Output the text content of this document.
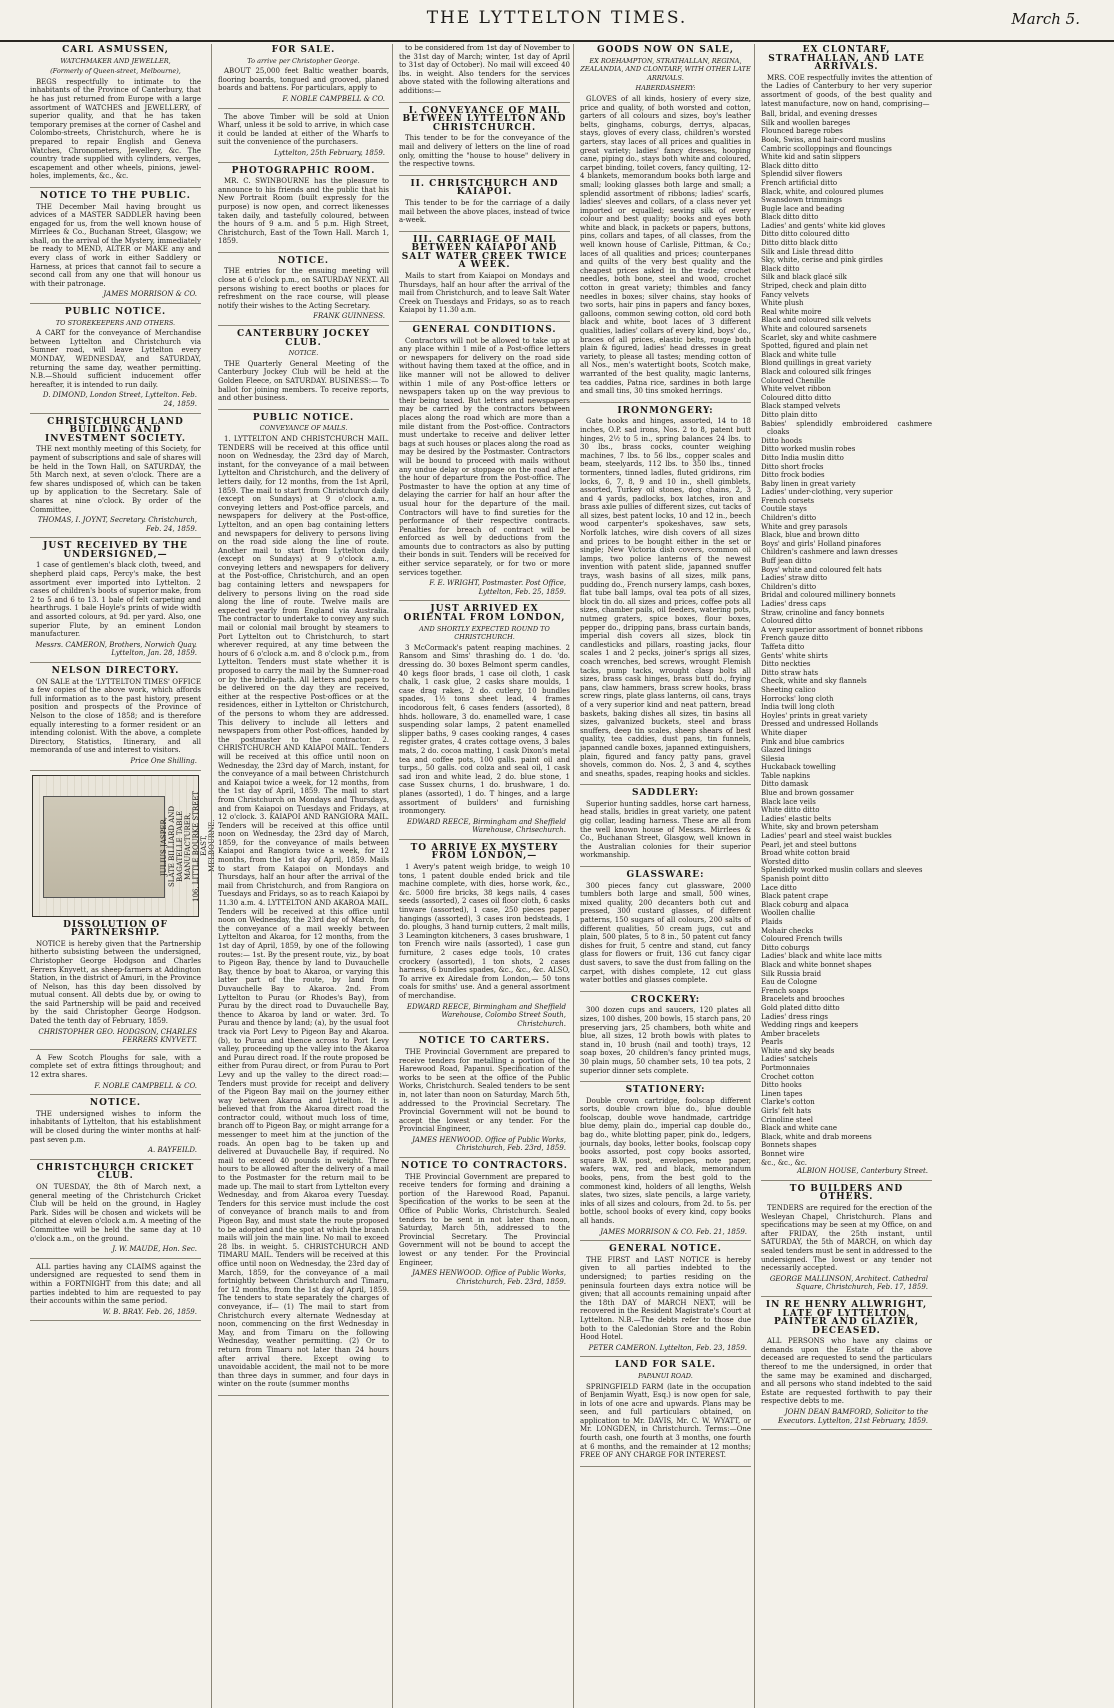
THE LYTTELTON TIMES.	March 5.
CARL ASMUSSEN,
WATCHMAKER AND JEWELLER,
(Formerly of Queen-street, Melbourne),
BEGS respectfully to intimate to the inhabitants of the Province of Canterbury, that he has just returned from Europe with a large assortment of WATCHES and JEWELLERY, of superior quality, and that he has taken temporary premises at the corner of Cashel and Colombo-streets, Christchurch, where he is prepared to repair English and Geneva Watches, Chronometers, Jewellery, &c. The country trade supplied with cylinders, verges, escapement and other wheels, pinions, jewel-holes, implements, &c., &c.
NOTICE TO THE PUBLIC.
THE December Mail having brought us advices of a MASTER SADDLER having been engaged for us, from the well known house of Mirrlees & Co., Buchanan Street, Glasgow; we shall, on the arrival of the Mystery, immediately be ready to MEND, ALTER or MAKE any and every class of work in either Saddlery or Harness, at prices that cannot fail to secure a second call from any one that will honour us with their patronage.
JAMES MORRISON & CO.
PUBLIC NOTICE.
TO STOREKEEPERS AND OTHERS.
A CART for the conveyance of Merchandise between Lyttelton and Christchurch via Sumner road, will leave Lyttelton every MONDAY, WEDNESDAY, and SATURDAY, returning the same day, weather permitting. N.B.—Should sufficient inducement offer hereafter, it is intended to run daily.
D. DIMOND, London Street, Lyttelton. Feb. 24, 1859.
CHRISTCHURCH LAND BUILDING AND INVESTMENT SOCIETY.
THE next monthly meeting of this Society, for payment of subscriptions and sale of shares will be held in the Town Hall, on SATURDAY, the 5th March next, at seven o'clock. There are a few shares undisposed of, which can be taken up by application to the Secretary. Sale of shares at nine o'clock. By order of the Committee,
THOMAS, I. JOYNT, Secretary. Christchurch, Feb. 24, 1859.
JUST RECEIVED BY THE UNDERSIGNED,—
1 case of gentlemen's black cloth, tweed, and shepherd plaid caps, Percy's make, the best assortment ever imported into Lyttelton. 2 cases of children's boots of superior make, from 2 to 5 and 6 to 13. 1 bale of felt carpeting and hearthrugs. 1 bale Hoyle's prints of wide width and assorted colours, at 9d. per yard. Also, one superior Flute, by an eminent London manufacturer.
Messrs. CAMERON, Brothers, Norwich Quay. Lyttelton, Jan. 28, 1859.
NELSON DIRECTORY.
ON SALE at the 'LYTTELTON TIMES' OFFICE a few copies of the above work, which affords full information as to the past history, present position and prospects of the Province of Nelson to the close of 1858; and is therefore equally interesting to a former resident or an intending colonist. With the above, a complete Directory, Statistics, Itinerary, and all memoranda of use and interest to visitors.
Price One Shilling.
JULIUS JASPER, SLATE BILLIARD AND BAGATELLE TABLE MANUFACTURER, 106, LITTLE BOURKE STREET EAST, MELBOURNE.
DISSOLUTION OF PARTNERSHIP.
NOTICE is hereby given that the Partnership hitherto subsisting between the undersigned, Christopher George Hodgson and Charles Ferrers Knyvett, as sheep-farmers at Addington Station, in the district of Amuri, in the Province of Nelson, has this day been dissolved by mutual consent. All debts due by, or owing to the said Partnership will be paid and received by the said Christopher George Hodgson. Dated the tenth day of February, 1859.
CHRISTOPHER GEO. HODGSON, CHARLES FERRERS KNYVETT.
A Few Scotch Ploughs for sale, with a complete set of extra fittings throughout; and 12 extra shares.
F. NOBLE CAMPBELL & CO.
NOTICE.
THE undersigned wishes to inform the inhabitants of Lyttelton, that his establishment will be closed during the winter months at half-past seven p.m.
A. BAYFEILD.
CHRISTCHURCH CRICKET CLUB.
ON TUESDAY, the 8th of March next, a general meeting of the Christchurch Cricket Club will be held on the ground, in Hagley Park. Sides will be chosen and wickets will be pitched at eleven o'clock a.m. A meeting of the Committee will be held the same day at 10 o'clock a.m., on the ground.
J. W. MAUDE, Hon. Sec.
ALL parties having any CLAIMS against the undersigned are requested to send them in within a FORTNIGHT from this date; and all parties indebted to him are requested to pay their accounts within the same period.
W. B. BRAY. Feb. 26, 1859.
FOR SALE.
To arrive per Christopher George.
ABOUT 25,000 feet Baltic weather boards, flooring boards, tongued and grooved, planed boards and battens. For particulars, apply to
F. NOBLE CAMPBELL & CO.
The above Timber will be sold at Union Wharf, unless it be sold to arrive, in which case it could be landed at either of the Wharfs to suit the convenience of the purchasers.
Lyttelton, 25th February, 1859.
PHOTOGRAPHIC ROOM.
MR. C. SWINBOURNE has the pleasure to announce to his friends and the public that his New Portrait Room (built expressly for the purpose) is now open, and correct likenesses taken daily, and tastefully coloured, between the hours of 9 a.m. and 5 p.m. High Street, Christchurch, East of the Town Hall. March 1, 1859.
NOTICE.
THE entries for the ensuing meeting will close at 6 o'clock p.m., on SATURDAY NEXT. All persons wishing to erect booths or places for refreshment on the race course, will please notify their wishes to the Acting Secretary.
FRANK GUINNESS.
CANTERBURY JOCKEY CLUB.
NOTICE.
THE Quarterly General Meeting of the Canterbury Jockey Club will be held at the Golden Fleece, on SATURDAY. BUSINESS:— To ballot for joining members. To receive reports, and other business.
PUBLIC NOTICE.
CONVEYANCE OF MAILS.
1. LYTTELTON AND CHRISTCHURCH MAIL. TENDERS will be received at this office until noon on Wednesday, the 23rd day of March, instant, for the conveyance of a mail between Lyttelton and Christchurch, and the delivery of letters daily, for 12 months, from the 1st April, 1859. The mail to start from Christchurch daily (except on Sundays) at 9 o'clock a.m., conveying letters and Post-office parcels, and newspapers for delivery at the Post-office, Lyttelton, and an open bag containing letters and newspapers for delivery to persons living on the road side along the line of route. Another mail to start from Lyttelton daily (except on Sundays) at 9 o'clock a.m., conveying letters and newspapers for delivery at the Post-office, Christchurch, and an open bag containing letters and newspapers for delivery to persons living on the road side along the line of route. Twelve mails are expected yearly from England via Australia. The contractor to undertake to convey any such mail or colonial mail brought by steamers to Port Lyttelton out to Christchurch, to start wherever required, at any time between the hours of 6 o'clock a.m. and 8 o'clock p.m., from Lyttelton. Tenders must state whether it is proposed to carry the mail by the Sumner-road or by the bridle-path. All letters and papers to be delivered on the day they are received, either at the respective Post-offices or at the residences, either in Lyttelton or Christchurch, of the persons to whom they are addressed. This delivery to include all letters and newspapers from other Post-offices, handed by the postmaster to the contractor. 2. CHRISTCHURCH AND KAIAPOI MAIL. Tenders will be received at this office until noon on Wednesday, the 23rd day of March, instant, for the conveyance of a mail between Christchurch and Kaiapoi twice a week, for 12 months, from the 1st day of April, 1859. The mail to start from Christchurch on Mondays and Thursdays, and from Kaiapoi on Tuesdays and Fridays, at 12 o'clock. 3. KAIAPOI AND RANGIORA MAIL. Tenders will be received at this office until noon on Wednesday, the 23rd day of March, 1859, for the conveyance of mails between Kaiapoi and Rangiora twice a week, for 12 months, from the 1st day of April, 1859. Mails to start from Kaiapoi on Mondays and Thursdays, half an hour after the arrival of the mail from Christchurch, and from Rangiora on Tuesdays and Fridays, so as to reach Kaiapoi by 11.30 a.m. 4. LYTTELTON AND AKAROA MAIL. Tenders will be received at this office until noon on Wednesday, the 23rd day of March, for the conveyance of a mail weekly between Lyttelton and Akaroa, for 12 months, from the 1st day of April, 1859, by one of the following routes:— 1st. By the present route, viz., by boat to Pigeon Bay, thence by land to Duvauchelle Bay, thence by boat to Akaroa, or varying this latter part of the route, by land from Duvauchelle Bay to Akaroa. 2nd. From Lyttelton to Purau (or Rhodes's Bay), from Purau by the direct road to Duvauchelle Bay, thence to Akaroa by land or water. 3rd. To Purau and thence by land; (a), by the usual foot track via Port Levy to Pigeon Bay and Akaroa. (b), to Purau and thence across to Port Levy valley, proceeding up the valley into the Akaroa and Purau direct road. If the route proposed be either from Purau direct, or from Purau to Port Levy and up the valley to the direct road:— Tenders must provide for receipt and delivery of the Pigeon Bay mail on the journey either way between Akaroa and Lyttelton. It is believed that from the Akaroa direct road the contractor could, without much loss of time, branch off to Pigeon Bay, or might arrange for a messenger to meet him at the junction of the roads. An open bag to be taken up and delivered at Duvauchelle Bay, if required. No mail to exceed 40 pounds in weight. Three hours to be allowed after the delivery of a mail to the Postmaster for the return mail to be made up. The mail to start from Lyttelton every Wednesday, and from Akaroa every Tuesday. Tenders for this service must include the cost of conveyance of branch mails to and from Pigeon Bay, and must state the route proposed to be adopted and the spot at which the branch mails will join the main line. No mail to exceed 28 lbs. in weight. 5. CHRISTCHURCH AND TIMARU MAIL. Tenders will be received at this office until noon on Wednesday, the 23rd day of March, 1859, for the conveyance of a mail fortnightly between Christchurch and Timaru, for 12 months, from the 1st day of April, 1859. The tenders to state separately the charges of conveyance, if— (1) The mail to start from Christchurch every alternate Wednesday at noon, commencing on the first Wednesday in May, and from Timaru on the following Wednesday, weather permitting. (2) Or to return from Timaru not later than 24 hours after arrival there. Except owing to unavoidable accident, the mail not to be more than three days in summer, and four days in winter on the route (summer months
to be considered from 1st day of November to the 31st day of March; winter, 1st day of April to 31st day of October). No mail will exceed 40 lbs. in weight. Also tenders for the services above stated with the following alterations and additions:—
I. CONVEYANCE OF MAIL BETWEEN LYTTELTON AND CHRISTCHURCH.
This tender to be for the conveyance of the mail and delivery of letters on the line of road only, omitting the "house to house" delivery in the respective towns.
II. CHRISTCHURCH AND KAIAPOI.
This tender to be for the carriage of a daily mail between the above places, instead of twice a-week.
III. CARRIAGE OF MAIL BETWEEN KAIAPOI AND SALT WATER CREEK TWICE A WEEK.
Mails to start from Kaiapoi on Mondays and Thursdays, half an hour after the arrival of the mail from Christchurch, and to leave Salt Water Creek on Tuesdays and Fridays, so as to reach Kaiapoi by 11.30 a.m.
GENERAL CONDITIONS.
Contractors will not be allowed to take up at any place within 1 mile of a Post-office letters or newspapers for delivery on the road side without having them taxed at the office, and in like manner will not be allowed to deliver within 1 mile of any Post-office letters or newspapers taken up on the way previous to their being taxed. But letters and newspapers may be carried by the contractors between places along the road which are more than a mile distant from the Post-office. Contractors must undertake to receive and deliver letter bags at such houses or places along the road as may be desired by the Postmaster. Contractors will be bound to proceed with mails without any undue delay or stoppage on the road after the hour of departure from the Post-office. The Postmaster to have the option at any time of delaying the carrier for half an hour after the usual hour for the departure of the mail. Contractors will have to find sureties for the performance of their respective contracts. Penalties for breach of contract will be enforced as well by deductions from the amounts due to contractors as also by putting their bonds in suit. Tenders will be received for either service separately, or for two or more services together.
F. E. WRIGHT, Postmaster. Post Office, Lyttelton, Feb. 25, 1859.
JUST ARRIVED EX ORIENTAL FROM LONDON,
AND SHORTLY EXPECTED ROUND TO CHRISTCHURCH.
3 McCormack's patent reaping machines. 2 Ransom and Sims' thrashing do. 1 do. 'do. dressing do. 30 boxes Belmont sperm candles, 40 kegs floor brads, 1 case oil cloth, 1 cask chalk, 1 cask glue, 2 casks share moulds, 1 case drag rakes, 2 do. cutlery, 10 bundles spades, 1½ tons sheet lead, 4 frames incodorous felt, 6 cases fenders (assorted), 8 hhds. holloware, 3 do. enamelled ware, 1 case suspending solar lamps, 2 patent enamelled slipper baths, 9 cases cooking ranges, 4 cases register grates, 4 crates cottage ovens, 3 bales mats, 2 do. cocoa matting, 1 cask Dixon's metal tea and coffee pots, 100 galls. paint oil and turps., 50 galls. cod colza and seal oil, 1 cask sad iron and white lead, 2 do. blue stone, 1 case Sussex churns, 1 do. brushware, 1 do. planes (assorted), 1 do. T hinges, and a large assortment of builders' and furnishing ironmongery.
EDWARD REECE, Birmingham and Sheffield Warehouse, Chrisechurch.
TO ARRIVE EX MYSTERY FROM LONDON,—
1 Avery's patent weigh bridge, to weigh 10 tons, 1 patent double ended brick and tile machine complete, with dies, horse work, &c., &c. 5000 fire bricks, 38 kegs nails, 4 cases seeds (assorted), 2 cases oil floor cloth, 6 casks tinware (assorted), 1 case, 250 pieces paper hangings (assorted), 3 cases iron bedsteads, 1 do. ploughs, 3 hand turnip cutters, 2 malt mills, 3 Leamington kitcheners, 3 cases brushware, 1 ton French wire nails (assorted), 1 case gun furniture, 2 cases edge tools, 10 crates crockery (assorted), 1 ton shots, 2 cases harness, 6 bundles spades, &c., &c., &c. ALSO, To arrive ex Airedale from London,— 50 tons coals for smiths' use. And a general assortment of merchandise.
EDWARD REECE, Birmingham and Sheffield Warehouse, Colombo Street South, Christchurch.
NOTICE TO CARTERS.
THE Provincial Government are prepared to receive tenders for metalling a portion of the Harewood Road, Papanui. Specification of the works to be seen at the office of the Public Works, Christchurch. Sealed tenders to be sent in, not later than noon on Saturday, March 5th, addressed to the Provincial Secretary. The Provincial Government will not be bound to accept the lowest or any tender. For the Provincial Engineer,
JAMES HENWOOD. Office of Public Works, Christchurch, Feb. 23rd, 1859.
NOTICE TO CONTRACTORS.
THE Provincial Government are prepared to receive tenders for forming and draining a portion of the Harewood Road, Papanui. Specification of the works to be seen at the Office of Public Works, Christchurch. Sealed tenders to be sent in not later than noon, Saturday, March 5th, addressed to the Provincial Secretary. The Provincial Government will not be bound to accept the lowest or any tender. For the Provincial Engineer,
JAMES HENWOOD. Office of Public Works, Christchurch, Feb. 23rd, 1859.
GOODS NOW ON SALE,
EX ROEHAMPTON, STRATHALLAN, REGINA, ZEALANDIA, AND CLONTARF, WITH OTHER LATE ARRIVALS.
HABERDASHERY:
GLOVES of all kinds, hosiery of every size, price and quality, of both worsted and cotton, garters of all colours and sizes, boy's leather belts, ginghams, coburgs, derrys, alpacas, stays, gloves of every class, children's worsted garters, stay laces of all prices and qualities in great variety; ladies' fancy dresses, hooping cane, piping do., stays both white and coloured, carpet binding, toilet covers, fancy quilting, 12-4 blankets, memorandum books both large and small; looking glasses both large and small; a splendid assortment of ribbons; ladies' scarfs, ladies' sleeves and collars, of a class never yet imported or equalled; sewing silk of every colour and best quality; books and eyes both white and black, in packets or papers, buttons, pins, collars and tapes, of all classes, from the well known house of Carlisle, Pittman, & Co.; laces of all qualities and prices; counterpanes and quilts of the very best quality and the cheapest prices asked in the trade; crochet needles, both bone, steel and wood, crochet cotton in great variety; thimbles and fancy needles in boxes; silver chains, stay hooks of two sorts, hair pins in papers and fancy boxes, galloons, common sewing cotton, old cord both black and white, boot laces of 3 different qualities, ladies' collars of every kind, boys' do., braces of all prices, elastic belts, rouge both plain & figured, ladies' head dresses in great variety, to please all tastes; mending cotton of all Nos., men's watertight boots, Scotch make, warranted of the best quality, magic lanterns, tea caddies, Patna rice, sardines in both large and small tins, 30 tins smoked herrings.
IRONMONGERY:
Gate hooks and hinges, assorted, 14 to 18 inches, O.P. sad irons, Nos. 2 to 8, patent butt hinges, 2½ to 5 in., spring balances 24 lbs. to 30 lbs., brass cocks, counter weighing machines, 7 lbs. to 56 lbs., copper scales and beam, steelyards, 112 lbs. to 350 lbs., tinned tormenters, tinned ladles, fluted gridirons, rim locks, 6, 7, 8, 9 and 10 in., shell gimblets, assorted, Turkey oil stones, dog chains, 2, 3 and 4 yards, padlocks, box latches, iron and brass axle pullies of different sizes, cut tacks of all sizes, best patent locks, 10 and 12 in., beech wood carpenter's spokeshaves, saw sets, Norfolk latches, wire dish covers of all sizes and prices to be bought either in the set or single; New Victoria dish covers, common oil lamps, two police lanterns of the newest invention with patent slide, japanned snuffer trays, wash basins of all sizes, milk pans, pudding do., French nursery lamps, cash boxes, flat tube ball lamps, oval tea pots of all sizes, block tin do. all sizes and prices, coffee pots all sizes, chamber pails, oil feeders, watering pots, nutmeg graters, spice boxes, flour boxes, pepper do., dripping pans, brass curtain bands, imperial dish covers all sizes, block tin candlesticks and pillars, roasting jacks, flour scales 1 and 2 pecks, joiner's sprigs all sizes, coach wrenches, bed screws, wrought Flemish tacks, pump tacks, wrought clasp bolts all sizes, brass cask hinges, brass butt do., frying pans, claw hammers, brass screw hooks, brass screw rings, plate glass lanterns, oil cans, trays of a very superior kind and neat pattern, bread baskets, baking dishes all sizes, tin basins all sizes, galvanized buckets, steel and brass snuffers, deep tin scales, sheep shears of best quality, tea caddies, dust pans, tin funnels, japanned candle boxes, japanned extinguishers, plain, figured and fancy patty pans, gravel shovels, common do. Nos. 2, 3 and 4, scythes and sneaths, spades, reaping hooks and sickles.
SADDLERY:
Superior hunting saddles, horse cart harness, head stalls, bridles in great variety, one patent gig collar, leading harness. These are all from the well known house of Messrs. Mirrlees & Co., Buchanan Street, Glasgow, well known in the Australian colonies for their superior workmanship.
GLASSWARE:
300 pieces fancy cut glassware, 2000 tumblers both large and small, 500 wines, mixed quality, 200 decanters both cut and pressed, 300 custard glasses, of different patterns, 150 sugars of all colours, 200 salts of different qualities, 50 cream jugs, cut and plain, 500 plates, 5 to 8 in., 50 patent cut fancy dishes for fruit, 5 centre and stand, cut fancy glass for flowers or fruit, 136 cut fancy cigar dust savers, to save the dust from falling on the carpet, with dishes complete, 12 cut glass water bottles and glasses complete.
CROCKERY:
300 dozen cups and saucers, 120 plates all sizes, 100 dishes, 200 bowls, 15 starch pans, 20 preserving jars, 25 chambers, both white and blue, all sizes, 12 broth bowls with plates to stand in, 10 brush (nail and tooth) trays, 12 soap boxes, 20 children's fancy printed mugs, 30 plain mugs, 50 chamber sets, 10 tea pots, 2 superior dinner sets complete.
STATIONERY:
Double crown cartridge, foolscap different sorts, double crown blue do., blue double foolscap, double wove handmade, cartridge blue demy, plain do., imperial cap double do., bag do., white blotting paper, pink do., ledgers, journals, day books, letter books, foolscap copy books assorted, post copy books assorted, square B.W. post, envelopes, note paper, wafers, wax, red and black, memorandum books, pens, from the best gold to the commonest kind, holders of all lengths, Welsh slates, two sizes, slate pencils, a large variety, inks of all sizes and colours, from 2d. to 5s. per bottle, school books of every kind, copy books all hands.
JAMES MORRISON & CO. Feb. 21, 1859.
GENERAL NOTICE.
THE FIRST and LAST NOTICE is hereby given to all parties indebted to the undersigned; to parties residing on the peninsula fourteen days extra notice will be given; that all accounts remaining unpaid after the 18th DAY of MARCH NEXT, will be recovered in the Resident Magistrate's Court at Lyttelton. N.B.—The debts refer to those due both to the Caledonian Store and the Robin Hood Hotel.
PETER CAMERON. Lyttelton, Feb. 23, 1859.
LAND FOR SALE.
PAPANUI ROAD.
SPRINGFIELD FARM (late in the occupation of Benjamin Wyatt, Esq.) is now open for sale, in lots of one acre and upwards. Plans may be seen, and full particulars obtained, on application to Mr. DAVIS, Mr. C. W. WYATT, or Mr. LONGDEN, in Christchurch. Terms:—One fourth cash, one fourth at 3 months, one fourth at 6 months, and the remainder at 12 months; FREE OF ANY CHARGE FOR INTEREST.
EX CLONTARF, STRATHALLAN, AND LATE ARRIVALS.
MRS. COE respectfully invites the attention of the Ladies of Canterbury to her very superior assortment of goods, of the best quality and latest manufacture, now on hand, comprising—
Ball, bridal, and evening dresses
Silk and woollen bareges
Flounced barege robes
Book, Swiss, and hair-cord muslins
Cambric scolloppings and flouncings
White kid and satin slippers
Black ditto ditto
Splendid silver flowers
French artificial ditto
Black, white, and coloured plumes
Swansdown trimmings
Bugle lace and beading
Black ditto ditto
Ladies' and gents' white kid gloves
Ditto ditto coloured ditto
Ditto ditto black ditto
Silk and Lisle thread ditto
Sky, white, cerise and pink girdles
Black ditto
Silk and black glacé silk
Striped, check and plain ditto
Fancy velvets
White plush
Real white moire
Black and coloured silk velvets
White and coloured sarsenets
Scarlet, sky and white cashmere
Spotted, figured and plain net
Black and white tulle
Blond quillings in great variety
Black and coloured silk fringes
Coloured Chenille
White velvet ribbon
Coloured ditto ditto
Black stamped velvets
Ditto plain ditto
Babies' splendidly embroidered cashmere cloaks
Ditto hoods
Ditto worked muslin robes
Ditto India muslin ditto
Ditto short frocks
Ditto frock bodies
Baby linen in great variety
Ladies' under-clothing, very superior
French corsets
Coutile stays
Children's ditto
White and grey parasols
Black, blue and brown ditto
Boys' and girls' Holland pinafores
Children's cashmere and lawn dresses
Buff jean ditto
Boys' white and coloured felt hats
Ladies' straw ditto
Children's ditto
Bridal and coloured millinery bonnets
Ladies' dress caps
Straw, crinoline and fancy bonnets
Coloured ditto
A very superior assortment of bonnet ribbons
French gauze ditto
Taffeta ditto
Gents' white shirts
Ditto neckties
Ditto straw hats
Check, white and sky flannels
Sheeting calico
Horrocks' long cloth
India twill long cloth
Hoyles' prints in great variety
Dressed and undressed Hollands
White diaper
Pink and blue cambrics
Glazed linings
Silesia
Huckaback towelling
Table napkins
Ditto damask
Blue and brown gossamer
Black lace veils
White ditto ditto
Ladies' elastic belts
White, sky and brown petersham
Ladies' pearl and steel waist buckles
Pearl, jet and steel buttons
Broad white cotton braid
Worsted ditto
Splendidly worked muslin collars and sleeves
Spanish point ditto
Lace ditto
Black patent crape
Black coburg and alpaca
Woollen challie
Plaids
Mohair checks
Coloured French twills
Ditto coburgs
Ladies' black and white lace mitts
Black and white bonnet shapes
Silk Russia braid
Eau de Cologne
French soaps
Bracelets and brooches
Gold plated ditto ditto
Ladies' dress rings
Wedding rings and keepers
Amber bracelets
Pearls
White and sky beads
Ladies' satchels
Portmonnaies
Crochet cotton
Ditto hooks
Linen tapes
Clarke's cotton
Girls' felt hats
Crinoline steel
Black and white cane
Black, white and drab moreens
Bonnets shapes
Bonnet wire
&c., &c., &c.
ALBION HOUSE, Canterbury Street.
TO BUILDERS AND OTHERS.
TENDERS are required for the erection of the Wesleyan Chapel, Christchurch. Plans and specifications may be seen at my Office, on and after FRIDAY, the 25th instant, until SATURDAY, the 5th of MARCH, on which day sealed tenders must be sent in addressed to the undersigned. The lowest or any tender not necessarily accepted.
GEORGE MALLINSON, Architect. Cathedral Square, Christchurch, Feb. 17, 1859.
IN RE HENRY ALLWRIGHT, LATE OF LYTTELTON, PAINTER AND GLAZIER, DECEASED.
ALL PERSONS who have any claims or demands upon the Estate of the above deceased are requested to send the particulars thereof to me the undersigned, in order that the same may be examined and discharged, and all persons who stand indebted to the said Estate are requested forthwith to pay their respective debts to me.
JOHN DEAN BAMFORD, Solicitor to the Executors. Lyttelton, 21st February, 1859.
